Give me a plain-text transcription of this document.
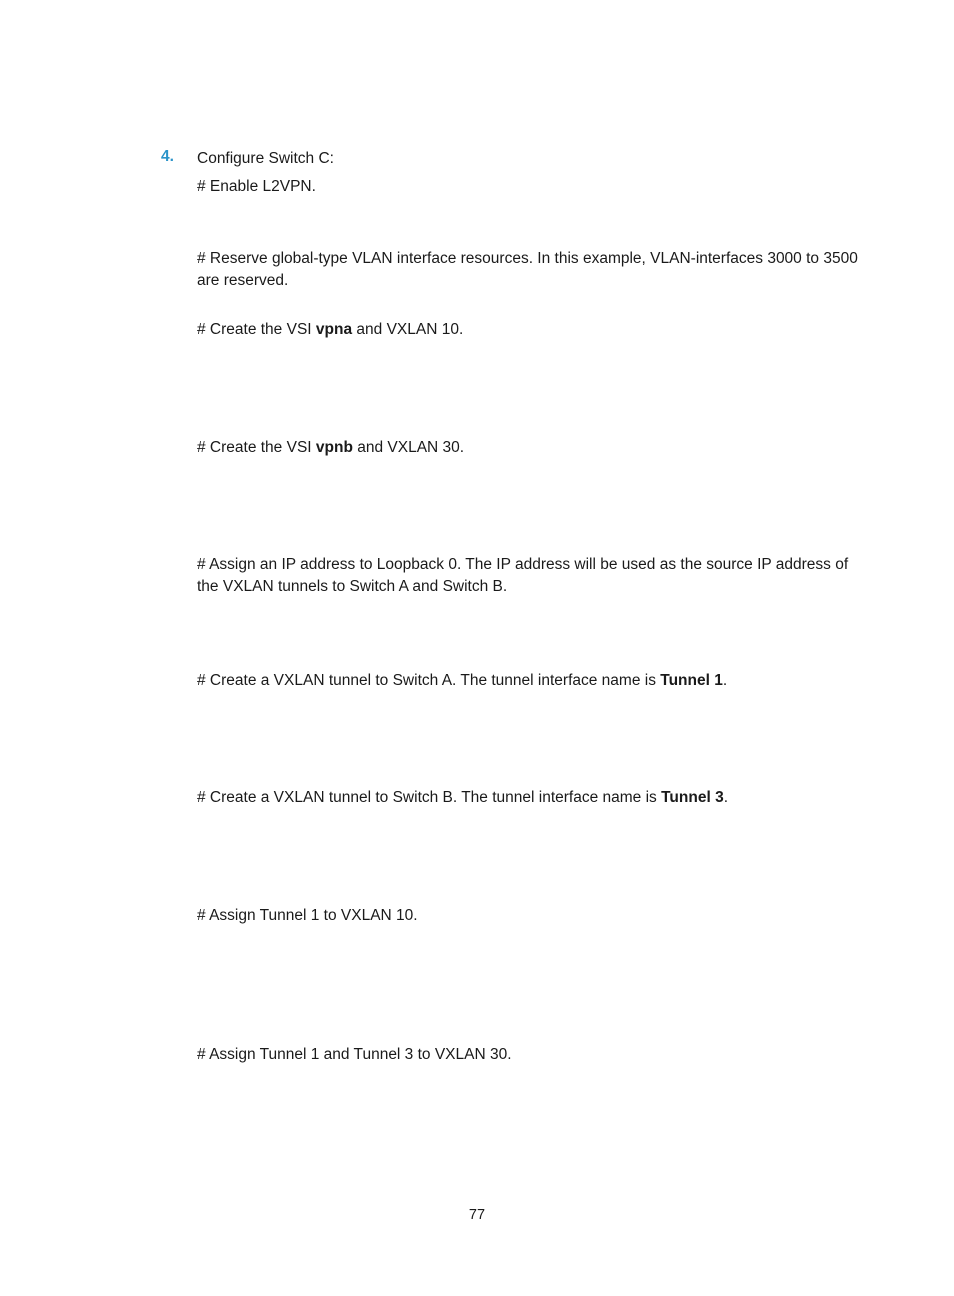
4. Configure Switch C:
# Enable L2VPN.
# Reserve global-type VLAN interface resources. In this example, VLAN-interfaces 3000 to 3500 are reserved.
# Create the VSI vpna and VXLAN 10.
# Create the VSI vpnb and VXLAN 30.
# Assign an IP address to Loopback 0. The IP address will be used as the source IP address of the VXLAN tunnels to Switch A and Switch B.
# Create a VXLAN tunnel to Switch A. The tunnel interface name is Tunnel 1.
# Create a VXLAN tunnel to Switch B. The tunnel interface name is Tunnel 3.
# Assign Tunnel 1 to VXLAN 10.
# Assign Tunnel 1 and Tunnel 3 to VXLAN 30.
77
